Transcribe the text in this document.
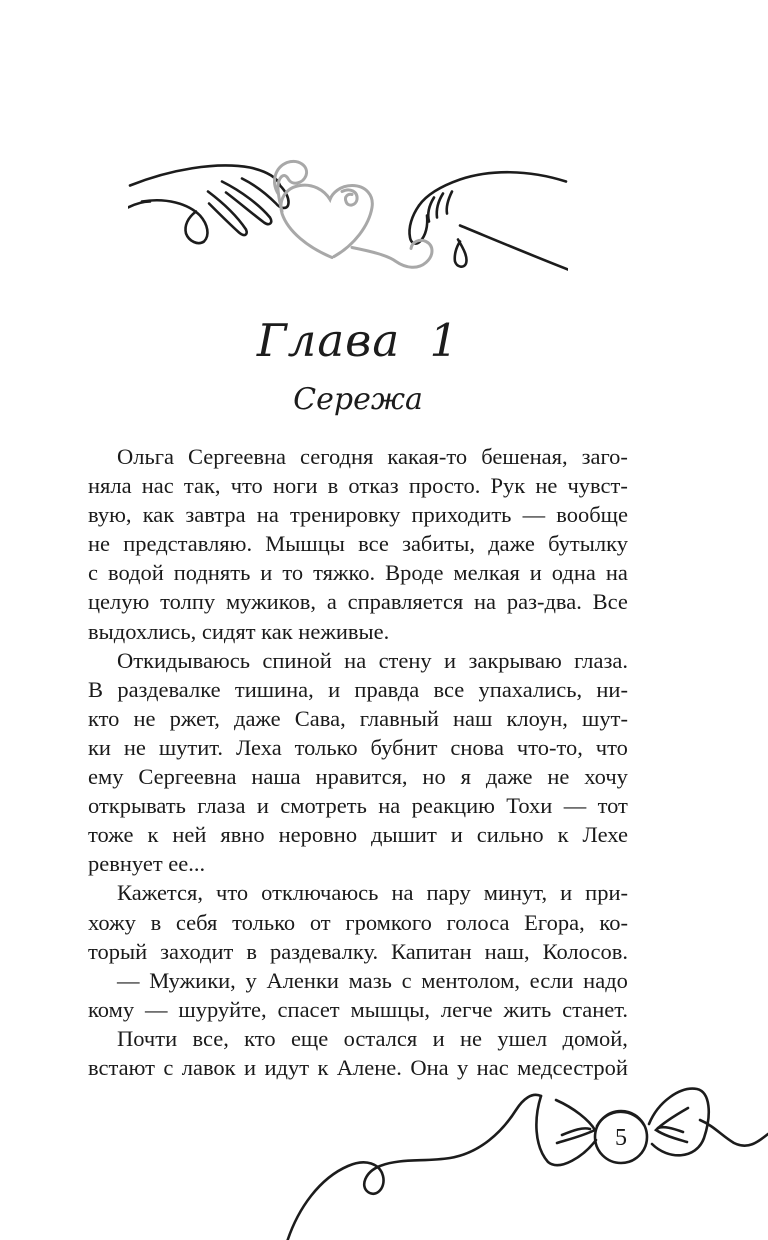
Глава 1
Сережа
Ольга Сергеевна сегодня какая-то бешеная, заго-
няла нас так, что ноги в отказ просто. Рук не чувст-
вую, как завтра на тренировку приходить — вообще
не представляю. Мышцы все забиты, даже бутылку
с водой поднять и то тяжко. Вроде мелкая и одна на
целую толпу мужиков, а справляется на раз-два. Все
выдохлись, сидят как неживые.
Откидываюсь спиной на стену и закрываю глаза.
В раздевалке тишина, и правда все упахались, ни-
кто не ржет, даже Сава, главный наш клоун, шут-
ки не шутит. Леха только бубнит снова что-то, что
ему Сергеевна наша нравится, но я даже не хочу
открывать глаза и смотреть на реакцию Тохи — тот
тоже к ней явно неровно дышит и сильно к Лехе
ревнует ее...
Кажется, что отключаюсь на пару минут, и при-
хожу в себя только от громкого голоса Егора, ко-
торый заходит в раздевалку. Капитан наш, Колосов.
— Мужики, у Аленки мазь с ментолом, если надо
кому — шуруйте, спасет мышцы, легче жить станет.
Почти все, кто еще остался и не ушел домой,
встают с лавок и идут к Алене. Она у нас медсестрой
5
